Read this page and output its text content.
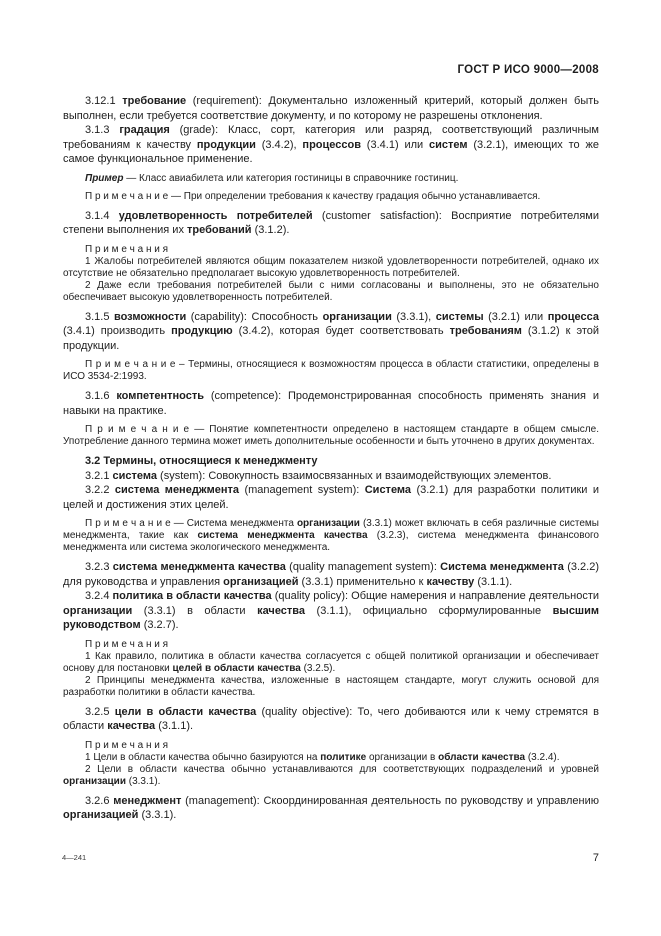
ГОСТ Р ИСО 9000—2008
3.12.1 требование (requirement): Документально изложенный критерий, который должен быть выполнен, если требуется соответствие документу, и по которому не разрешены отклонения.
3.1.3 градация (grade): Класс, сорт, категория или разряд, соответствующий различным требованиям к качеству продукции (3.4.2), процессов (3.4.1) или систем (3.2.1), имеющих то же самое функциональное применение.
Пример — Класс авиабилета или категория гостиницы в справочнике гостиниц.
П р и м е ч а н и е — При определении требования к качеству градация обычно устанавливается.
3.1.4 удовлетворенность потребителей (customer satisfaction): Восприятие потребителями степени выполнения их требований (3.1.2).
П р и м е ч а н и я
1 Жалобы потребителей являются общим показателем низкой удовлетворенности потребителей, однако их отсутствие не обязательно предполагает высокую удовлетворенность потребителей.
2 Даже если требования потребителей были с ними согласованы и выполнены, это не обязательно обеспечивает высокую удовлетворенность потребителей.
3.1.5 возможности (capability): Способность организации (3.3.1), системы (3.2.1) или процесса (3.4.1) производить продукцию (3.4.2), которая будет соответствовать требованиям (3.1.2) к этой продукции.
П р и м е ч а н и е – Термины, относящиеся к возможностям процесса в области статистики, определены в ИСО 3534-2:1993.
3.1.6 компетентность (competence): Продемонстрированная способность применять знания и навыки на практике.
П р и м е ч а н и е — Понятие компетентности определено в настоящем стандарте в общем смысле. Употребление данного термина может иметь дополнительные особенности и быть уточнено в других документах.
3.2 Термины, относящиеся к менеджменту
3.2.1 система (system): Совокупность взаимосвязанных и взаимодействующих элементов.
3.2.2 система менеджмента (management system): Система (3.2.1) для разработки политики и целей и достижения этих целей.
П р и м е ч а н и е — Система менеджмента организации (3.3.1) может включать в себя различные системы менеджмента, такие как система менеджмента качества (3.2.3), система менеджмента финансового менеджмента или система экологического менеджмента.
3.2.3 система менеджмента качества (quality management system): Система менеджмента (3.2.2) для руководства и управления организацией (3.3.1) применительно к качеству (3.1.1).
3.2.4 политика в области качества (quality policy): Общие намерения и направление деятельности организации (3.3.1) в области качества (3.1.1), официально сформулированные высшим руководством (3.2.7).
П р и м е ч а н и я
1 Как правило, политика в области качества согласуется с общей политикой организации и обеспечивает основу для постановки целей в области качества (3.2.5).
2 Принципы менеджмента качества, изложенные в настоящем стандарте, могут служить основой для разработки политики в области качества.
3.2.5 цели в области качества (quality objective): То, чего добиваются или к чему стремятся в области качества (3.1.1).
П р и м е ч а н и я
1 Цели в области качества обычно базируются на политике организации в области качества (3.2.4).
2 Цели в области качества обычно устанавливаются для соответствующих подразделений и уровней организации (3.3.1).
3.2.6 менеджмент (management): Скоординированная деятельность по руководству и управлению организацией (3.3.1).
4—241	7
